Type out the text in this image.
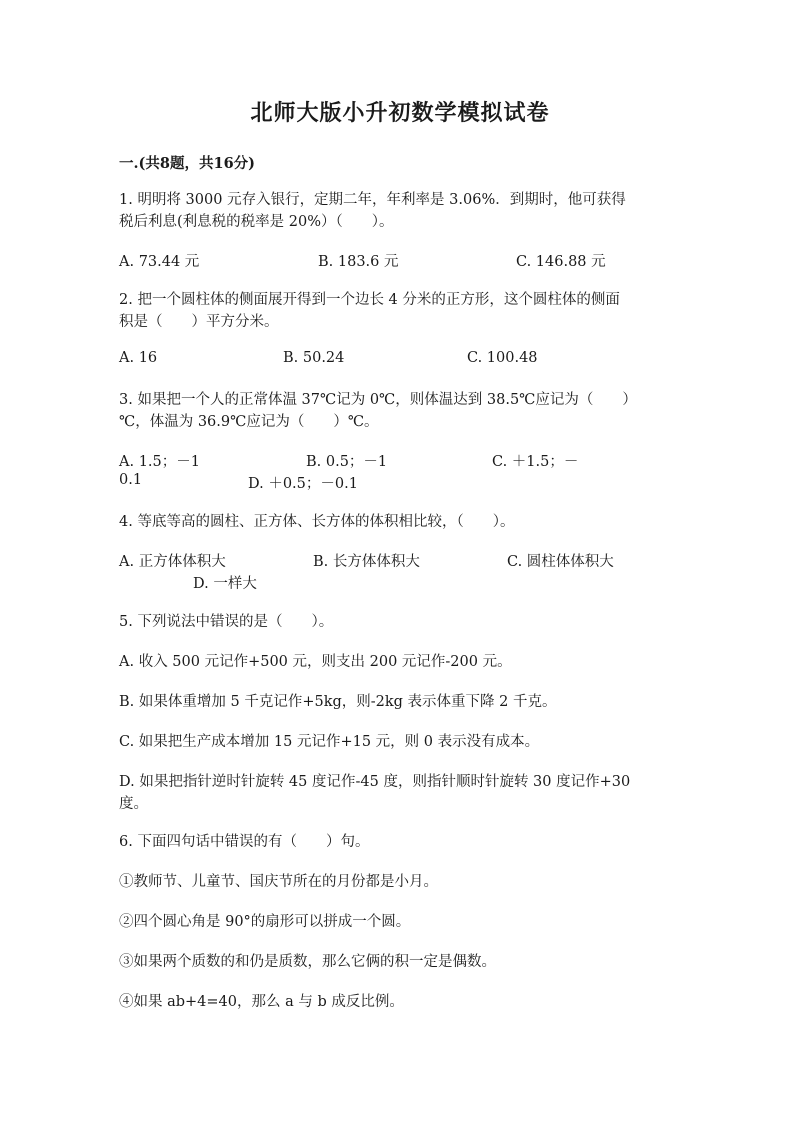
北师大版小升初数学模拟试卷
一.(共8题，共16分)
1. 明明将 3000 元存入银行，定期二年，年利率是 3.06%．到期时，他可获得
税后利息(利息税的税率是 20%）（　　）。
A. 73.44 元	B. 183.6 元	C. 146.88 元
2. 把一个圆柱体的侧面展开得到一个边长 4 分米的正方形，这个圆柱体的侧面
积是（　　）平方分米。
A. 16	B. 50.24	C. 100.48
3. 如果把一个人的正常体温 37℃记为 0℃，则体温达到 38.5℃应记为（　　）
℃，体温为 36.9℃应记为（　　）℃。
A. 1.5；－1	B. 0.5；－1	C. ＋1.5；－
0.1	D. ＋0.5；－0.1
4. 等底等高的圆柱、正方体、长方体的体积相比较，（　　）。
A. 正方体体积大	B. 长方体体积大	C. 圆柱体体积大
D. 一样大
5. 下列说法中错误的是（　　）。
A. 收入 500 元记作+500 元，则支出 200 元记作-200 元。
B. 如果体重增加 5 千克记作+5kg，则-2kg 表示体重下降 2 千克。
C. 如果把生产成本增加 15 元记作+15 元，则 0 表示没有成本。
D. 如果把指针逆时针旋转 45 度记作-45 度，则指针顺时针旋转 30 度记作+30
度。
6. 下面四句话中错误的有（　　）句。
①教师节、儿童节、国庆节所在的月份都是小月。
②四个圆心角是 90°的扇形可以拼成一个圆。
③如果两个质数的和仍是质数，那么它俩的积一定是偶数。
④如果 ab+4=40，那么 a 与 b 成反比例。
